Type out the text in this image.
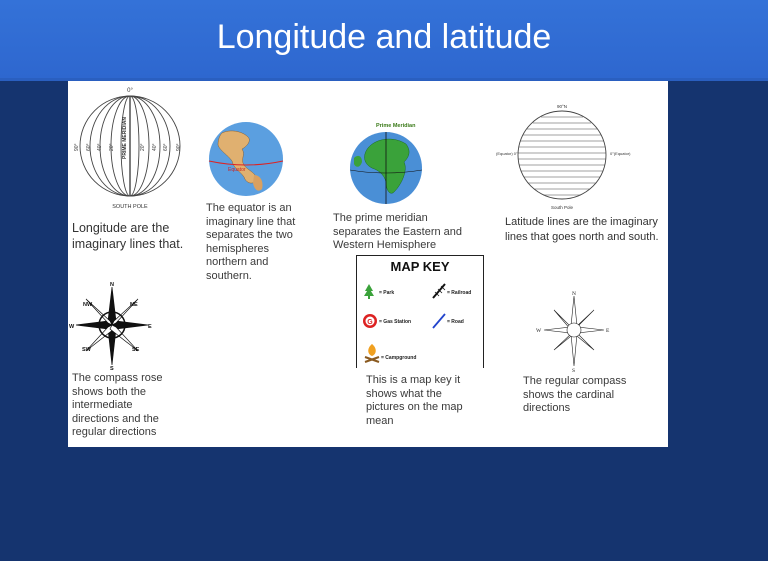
Longitude and latitude
0°
SOUTH POLE
PRIME MERIDIAN
90° 60° 40° 20°	20° 40° 60° 90°

Longitude are the imaginary lines that.

Equator

The equator is an imaginary line that separates the two hemispheres northern and southern.

Prime Meridian

The prime meridian separates the Eastern and Western Hemisphere

90°N
South Pole
(Equator) 0°	0°(Equator)

Latitude lines are the imaginary lines that goes north and south.

N
NE
E
SE
S
SW
W
NW

The compass rose shows both the intermediate directions and the regular directions

MAP KEY
= Park	= Railroad
G = Gas Station	= Road
= Campground

This is a map key it shows what the pictures on the map mean

N
E
S
W

The regular compass shows the cardinal directions
